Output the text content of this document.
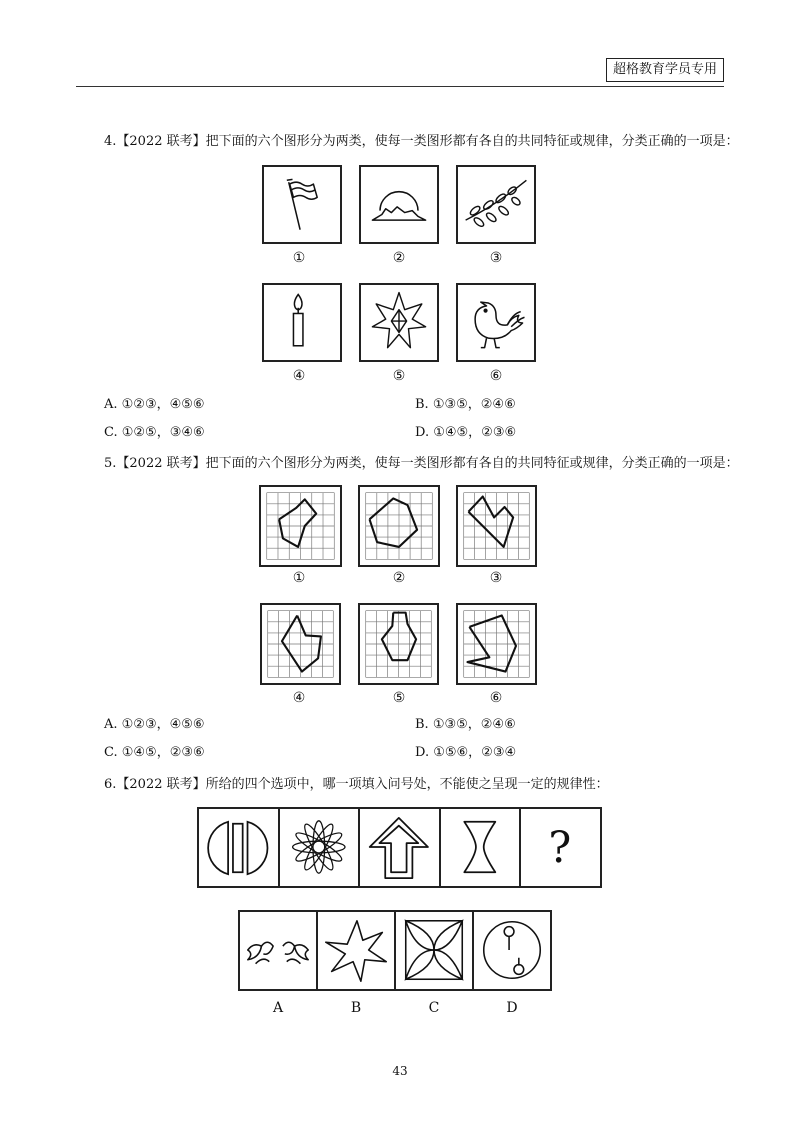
超格教育学员专用
4.【2022 联考】把下面的六个图形分为两类，使每一类图形都有各自的共同特征或规律，分类正确的一项是：
①	②	③
④	⑤	⑥
A. ①②③，④⑤⑥	B. ①③⑤，②④⑥
C. ①②⑤，③④⑥	D. ①④⑤，②③⑥
5.【2022 联考】把下面的六个图形分为两类，使每一类图形都有各自的共同特征或规律，分类正确的一项是：
①	②	③
④	⑤	⑥
A. ①②③，④⑤⑥	B. ①③⑤，②④⑥
C. ①④⑤，②③⑥	D. ①⑤⑥，②③④
6.【2022 联考】所给的四个选项中，哪一项填入问号处，不能使之呈现一定的规律性：
?
A	B	C	D
43
